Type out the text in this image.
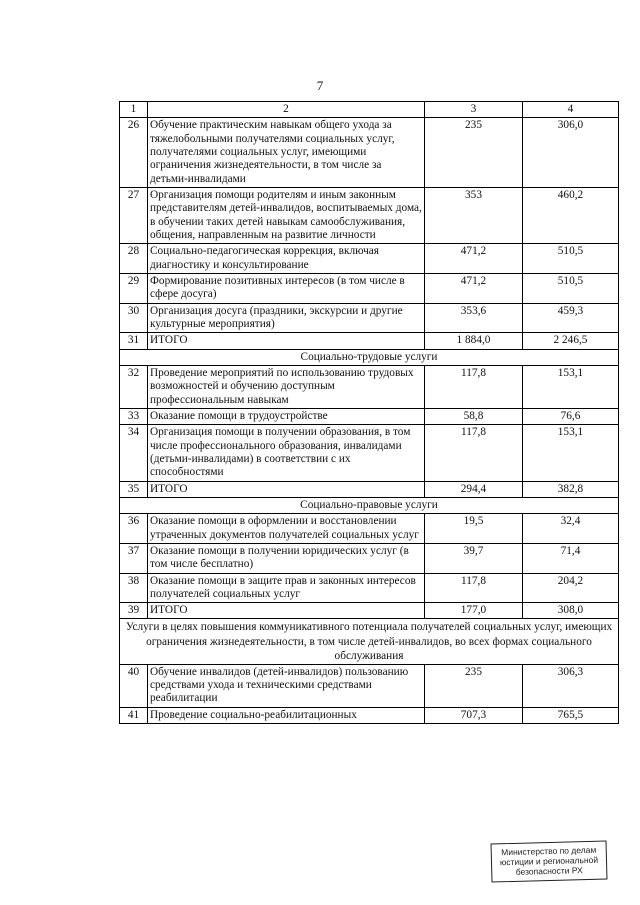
7
1	2	3	4
26	Обучение практическим навыкам общего ухода за тяжелобольными получателями социальных услуг, получателями социальных услуг, имеющими ограничения жизнедеятельности, в том числе за детьми-инвалидами	235	306,0
27	Организация помощи родителям и иным законным представителям детей-инвалидов, воспитываемых дома, в обучении таких детей навыкам самообслуживания, общения, направленным на развитие личности	353	460,2
28	Социально-педагогическая коррекция, включая диагностику и консультирование	471,2	510,5
29	Формирование позитивных интересов (в том числе в сфере досуга)	471,2	510,5
30	Организация досуга (праздники, экскурсии и другие культурные мероприятия)	353,6	459,3
31	ИТОГО	1 884,0	2 246,5
Социально-трудовые услуги			
32	Проведение мероприятий по использованию трудовых возможностей и обучению доступным профессиональным навыкам	117,8	153,1
33	Оказание помощи в трудоустройстве	58,8	76,6
34	Организация помощи в получении образования, в том числе профессионального образования, инвалидами (детьми-инвалидами) в соответствии с их способностями	117,8	153,1
35	ИТОГО	294,4	382,8
Социально-правовые услуги			
36	Оказание помощи в оформлении и восстановлении утраченных документов получателей социальных услуг	19,5	32,4
37	Оказание помощи в получении юридических услуг (в том числе бесплатно)	39,7	71,4
38	Оказание помощи в защите прав и законных интересов получателей социальных услуг	117,8	204,2
39	ИТОГО	177,0	308,0
Услуги в целях повышения коммуникативного потенциала получателей социальных услуг, имеющих ограничения жизнедеятельности, в том числе детей-инвалидов, во всех формах социального обслуживания			
40	Обучение инвалидов (детей-инвалидов) пользованию средствами ухода и техническими средствами реабилитации	235	306,3
41	Проведение социально-реабилитационных	707,3	765,5
Министерство по делам
юстиции и региональной
безопасности РХ
